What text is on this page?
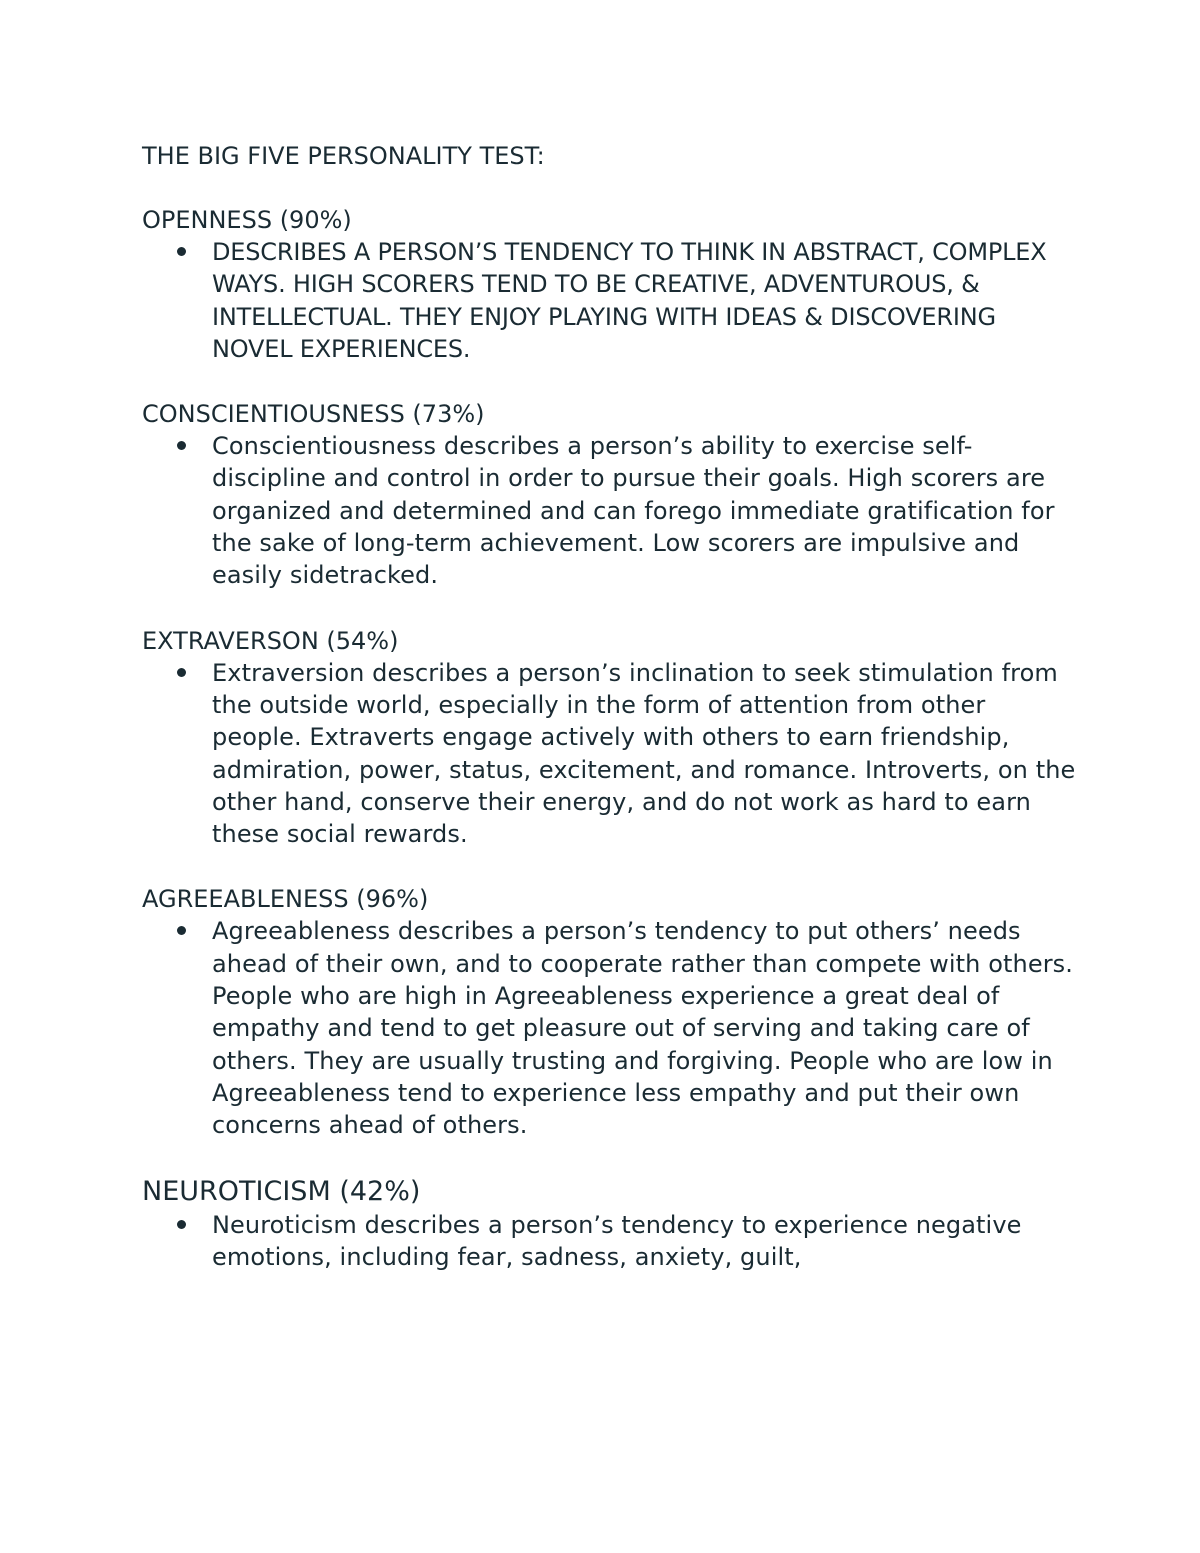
THE BIG FIVE PERSONALITY TEST:
OPENNESS (90%)
DESCRIBES A PERSON’S TENDENCY TO THINK IN ABSTRACT, COMPLEX WAYS. HIGH SCORERS TEND TO BE CREATIVE, ADVENTUROUS, & INTELLECTUAL. THEY ENJOY PLAYING WITH IDEAS & DISCOVERING NOVEL EXPERIENCES.
CONSCIENTIOUSNESS (73%)
Conscientiousness describes a person’s ability to exercise self-discipline and control in order to pursue their goals. High scorers are organized and determined and can forego immediate gratification for the sake of long-term achievement. Low scorers are impulsive and easily sidetracked.
EXTRAVERSON (54%)
Extraversion describes a person’s inclination to seek stimulation from the outside world, especially in the form of attention from other people. Extraverts engage actively with others to earn friendship, admiration, power, status, excitement, and romance. Introverts, on the other hand, conserve their energy, and do not work as hard to earn these social rewards.
AGREEABLENESS (96%)
Agreeableness describes a person’s tendency to put others’ needs ahead of their own, and to cooperate rather than compete with others. People who are high in Agreeableness experience a great deal of empathy and tend to get pleasure out of serving and taking care of others. They are usually trusting and forgiving. People who are low in Agreeableness tend to experience less empathy and put their own concerns ahead of others.
NEUROTICISM (42%)
Neuroticism describes a person’s tendency to experience negative emotions, including fear, sadness, anxiety, guilt,
